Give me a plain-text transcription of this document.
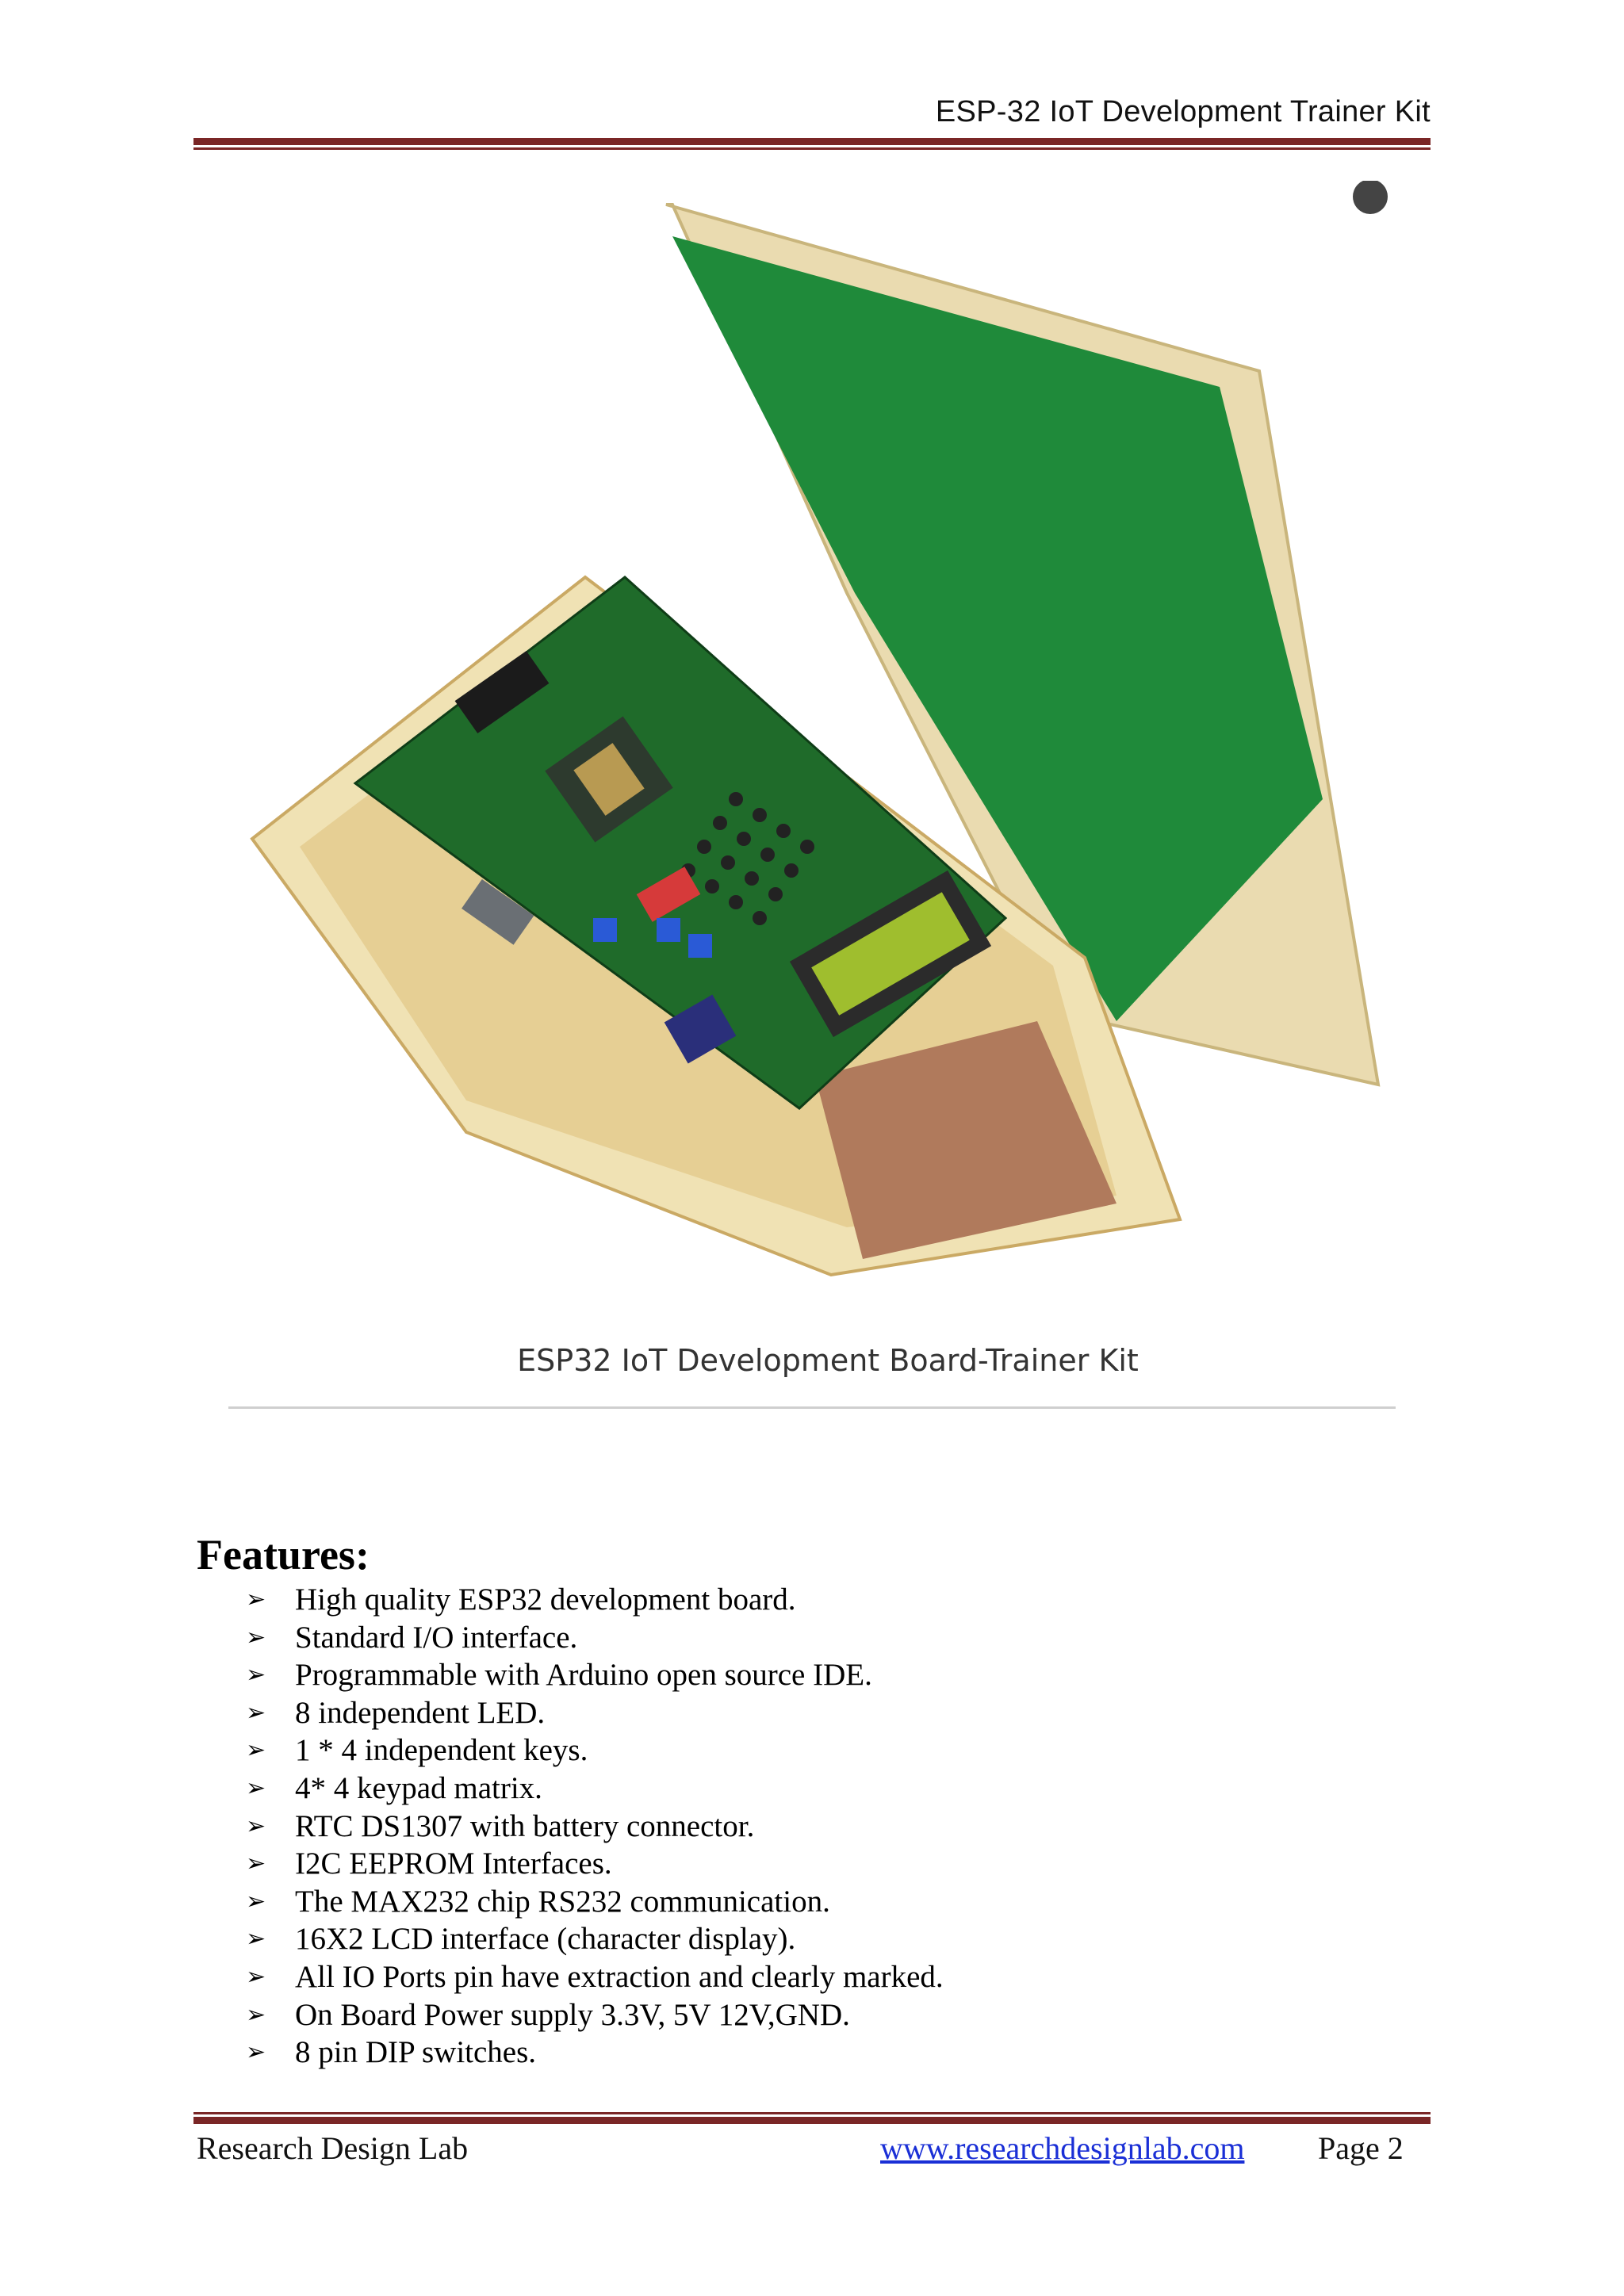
ESP-32 IoT Development Trainer Kit
ESP32 IoT Development Board-Trainer Kit
Features:
➢ High quality ESP32 development board.
➢ Standard I/O interface.
➢ Programmable with Arduino open source IDE.
➢ 8 independent LED.
➢ 1 * 4 independent keys.
➢ 4* 4 keypad matrix.
➢ RTC DS1307 with battery connector.
➢ I2C EEPROM Interfaces.
➢ The MAX232 chip RS232 communication.
➢ 16X2 LCD interface (character display).
➢ All IO Ports pin have extraction and clearly marked.
➢ On Board Power supply 3.3V, 5V 12V,GND.
➢ 8 pin DIP switches.
Research Design Lab	www.researchdesignlab.com Page 2
